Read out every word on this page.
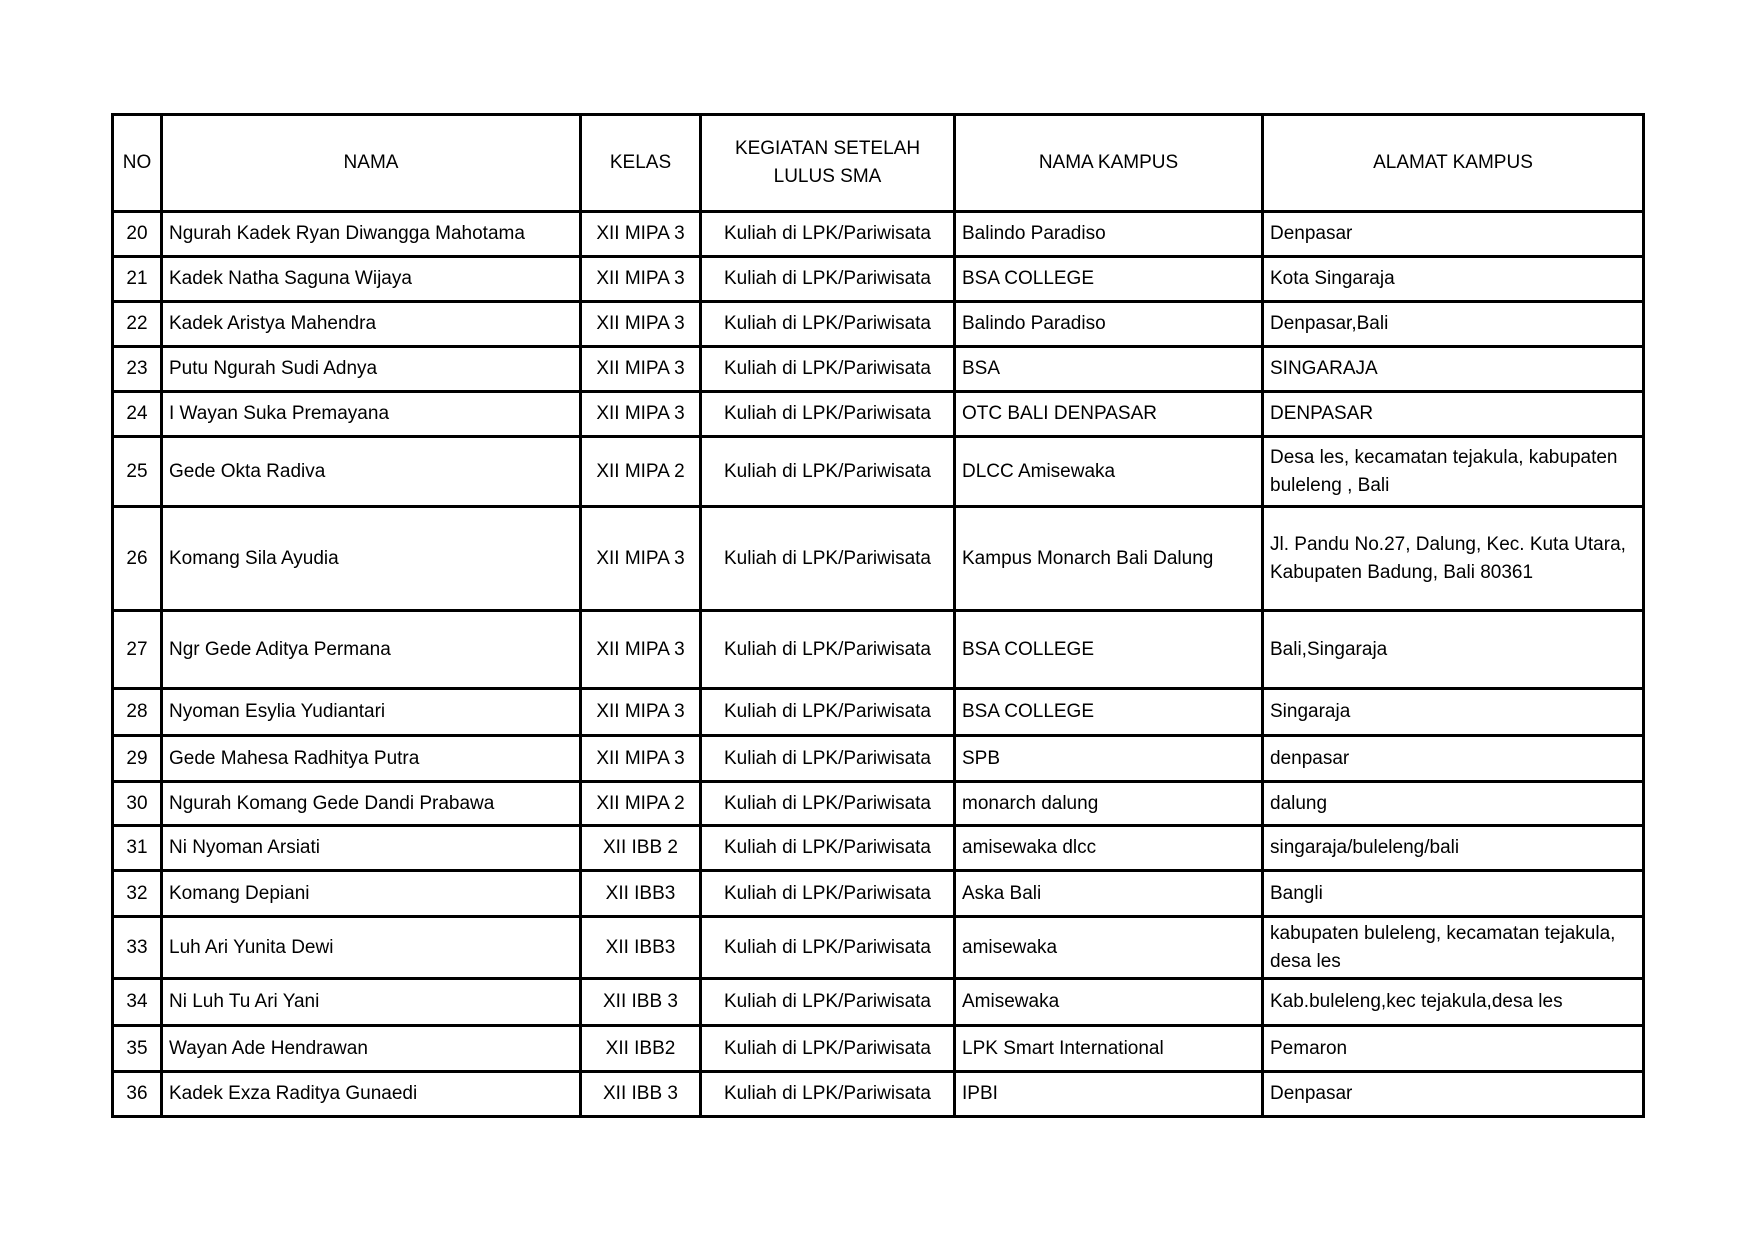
NO	NAMA	KELAS	KEGIATAN SETELAH LULUS SMA	NAMA KAMPUS	ALAMAT KAMPUS
20	Ngurah Kadek Ryan Diwangga Mahotama	XII MIPA 3	Kuliah di LPK/Pariwisata	Balindo Paradiso	Denpasar
21	Kadek Natha Saguna Wijaya	XII MIPA 3	Kuliah di LPK/Pariwisata	BSA COLLEGE	Kota Singaraja
22	Kadek Aristya Mahendra	XII MIPA 3	Kuliah di LPK/Pariwisata	Balindo Paradiso	Denpasar,Bali
23	Putu Ngurah Sudi Adnya	XII MIPA 3	Kuliah di LPK/Pariwisata	BSA	SINGARAJA
24	I Wayan Suka Premayana	XII MIPA 3	Kuliah di LPK/Pariwisata	OTC BALI DENPASAR	DENPASAR
25	Gede Okta Radiva	XII MIPA 2	Kuliah di LPK/Pariwisata	DLCC Amisewaka	Desa les, kecamatan tejakula, kabupaten buleleng , Bali
26	Komang Sila Ayudia	XII MIPA 3	Kuliah di LPK/Pariwisata	Kampus Monarch Bali Dalung	Jl. Pandu No.27, Dalung, Kec. Kuta Utara, Kabupaten Badung, Bali 80361
27	Ngr Gede Aditya Permana	XII MIPA 3	Kuliah di LPK/Pariwisata	BSA COLLEGE	Bali,Singaraja
28	Nyoman Esylia Yudiantari	XII MIPA 3	Kuliah di LPK/Pariwisata	BSA COLLEGE	Singaraja
29	Gede Mahesa Radhitya Putra	XII MIPA 3	Kuliah di LPK/Pariwisata	SPB	denpasar
30	Ngurah Komang Gede Dandi Prabawa	XII MIPA 2	Kuliah di LPK/Pariwisata	monarch dalung	dalung
31	Ni Nyoman Arsiati	XII IBB 2	Kuliah di LPK/Pariwisata	amisewaka dlcc	singaraja/buleleng/bali
32	Komang Depiani	XII IBB3	Kuliah di LPK/Pariwisata	Aska Bali	Bangli
33	Luh Ari Yunita Dewi	XII IBB3	Kuliah di LPK/Pariwisata	amisewaka	kabupaten buleleng, kecamatan tejakula, desa les
34	Ni Luh Tu Ari Yani	XII IBB 3	Kuliah di LPK/Pariwisata	Amisewaka	Kab.buleleng,kec tejakula,desa les
35	Wayan Ade Hendrawan	XII IBB2	Kuliah di LPK/Pariwisata	LPK Smart International	Pemaron
36	Kadek Exza Raditya Gunaedi	XII IBB 3	Kuliah di LPK/Pariwisata	IPBI	Denpasar
